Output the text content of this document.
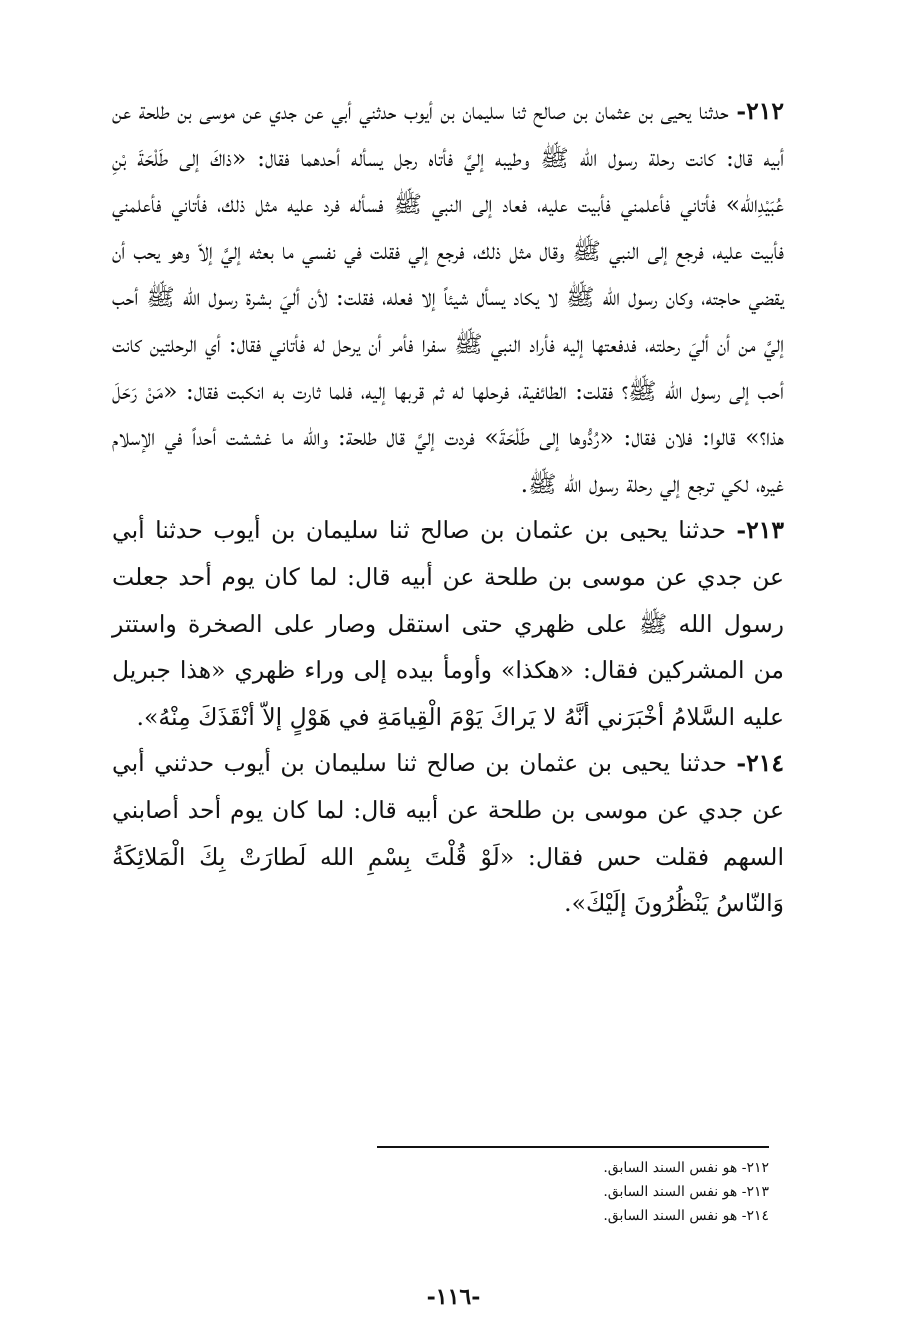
٢١٢- حدثنا يحيى بن عثمان بن صالح ثنا سليمان بن أيوب حدثني أبي عن جدي عن موسى بن طلحة عن أبيه قال: كانت رحلة رسول الله ﷺ وطيبه إليَّ فأتاه رجل يسأله أحدهما فقال: «ذاكَ إلى طَلْحَةَ بْنِ عُبَيْدِالله» فأتاني فأعلمني فأبيت عليه، فعاد إلى النبي ﷺ فسأله فرد عليه مثل ذلك، فأتاني فأعلمني فأبيت عليه، فرجع إلى النبي ﷺ وقال مثل ذلك، فرجع إلي فقلت في نفسي ما بعثه إليَّ إلاّ وهو يحب أن يقضي حاجته، وكان رسول الله ﷺ لا يكاد يسأل شيئاً إلا فعله، فقلت: لأن أليَ بشرة رسول الله ﷺ أحب إليَّ من أن أليَ رحلته، فدفعتها إليه فأراد النبي ﷺ سفرا فأمر أن يرحل له فأتاني فقال: أي الرحلتين كانت أحب إلى رسول الله ﷺ؟ فقلت: الطائفية، فرحلها له ثم قربها إليه، فلما ثارت به انكبت فقال: «مَنْ رَحَلَ هذا؟» قالوا: فلان فقال: «رُدُّوها إلى طَلْحَةَ» فردت إليَّ قال طلحة: والله ما غششت أحداً في الإسلام غيره، لكي ترجع إلي رحلة رسول الله ﷺ.

٢١٣- حدثنا يحيى بن عثمان بن صالح ثنا سليمان بن أيوب حدثنا أبي عن جدي عن موسى بن طلحة عن أبيه قال: لما كان يوم أحد جعلت رسول الله ﷺ على ظهري حتى استقل وصار على الصخرة واستتر من المشركين فقال: «هكذا» وأومأ بيده إلى وراء ظهري «هذا جبريل عليه السَّلامُ أخْبَرَني أنَّهُ لا يَراكَ يَوْمَ الْقِيامَةِ في هَوْلٍ إلاّ أنْقَذَكَ مِنْهُ».

٢١٤- حدثنا يحيى بن عثمان بن صالح ثنا سليمان بن أيوب حدثني أبي عن جدي عن موسى بن طلحة عن أبيه قال: لما كان يوم أحد أصابني السهم فقلت حس فقال: «لَوْ قُلْتَ بِسْمِ الله لَطارَتْ بِكَ الْمَلائِكَةُ وَالنّاسُ يَنْظُرُونَ إلَيْكَ».

٢١٢- هو نفس السند السابق.

٢١٣- هو نفس السند السابق.

٢١٤- هو نفس السند السابق.

-١١٦-
